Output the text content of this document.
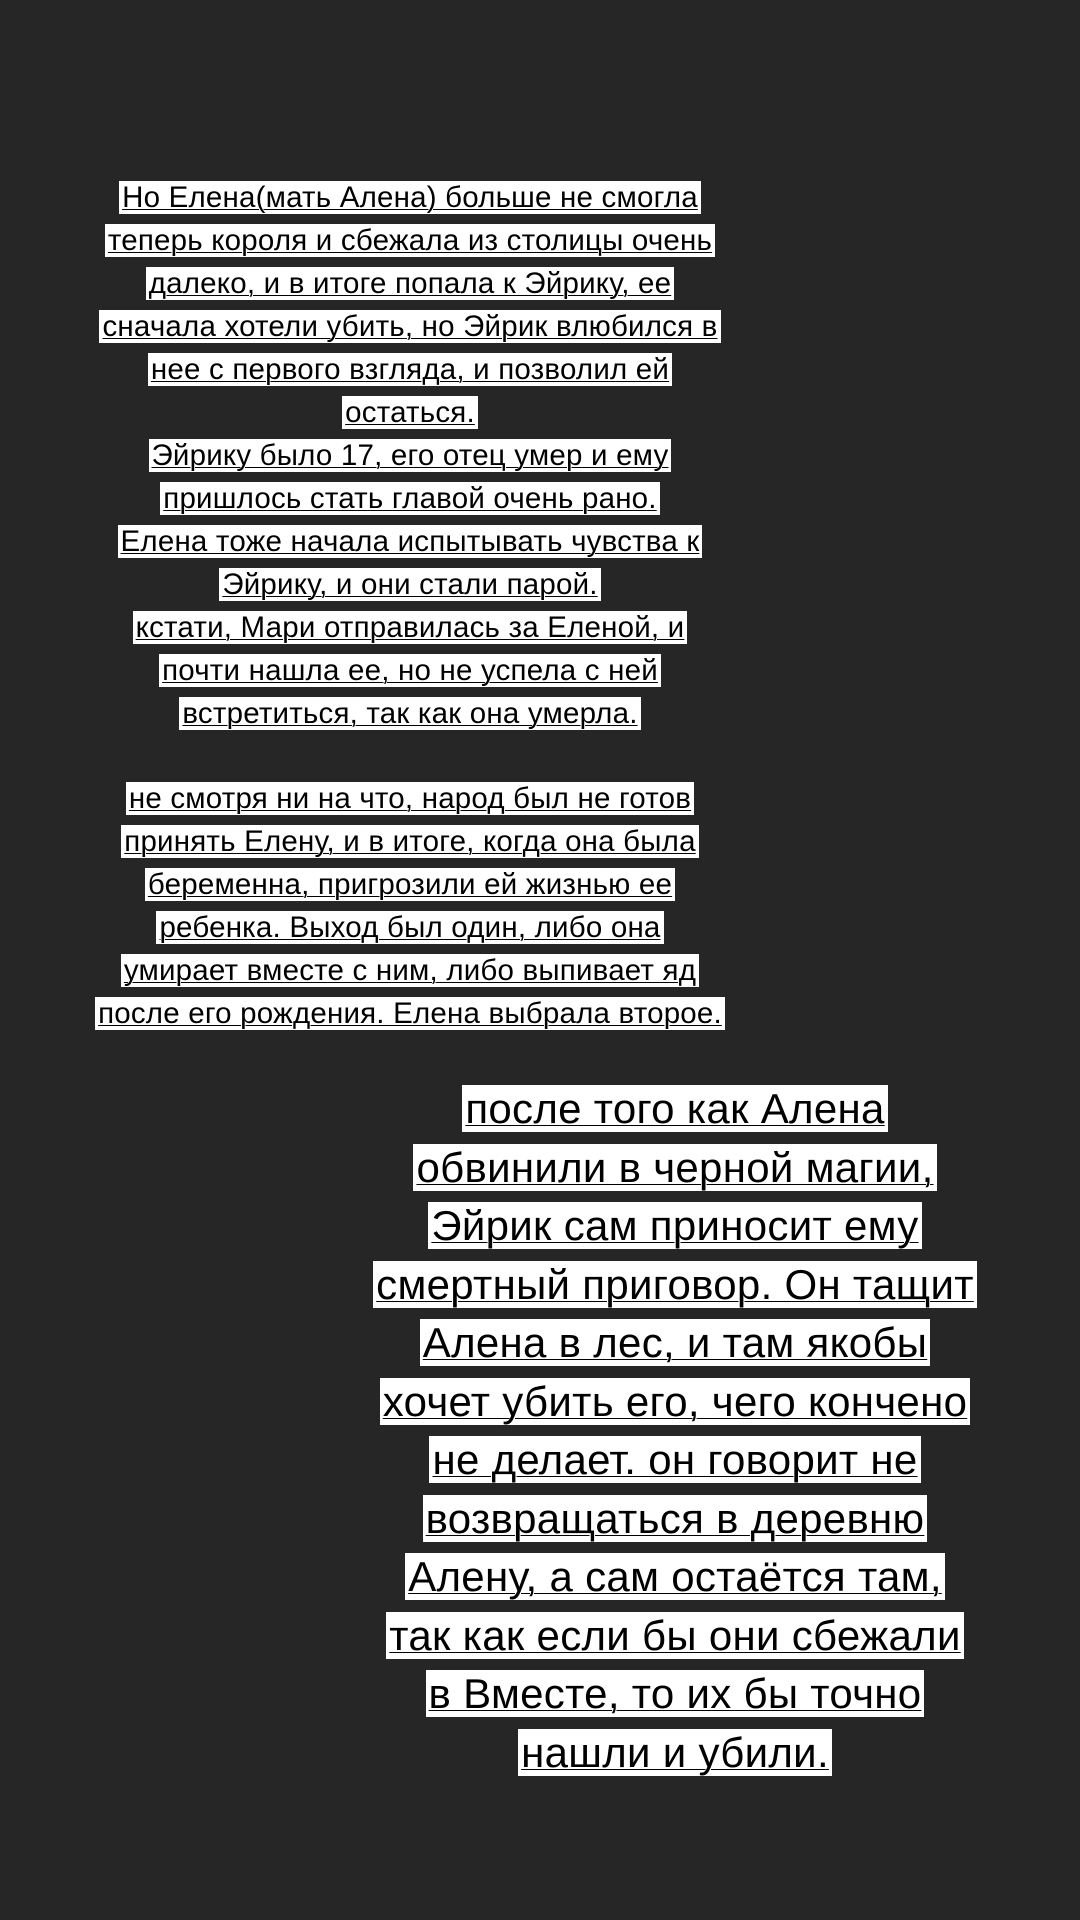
Но Елена(мать Алена) больше не смогла
теперь короля и сбежала из столицы очень
далеко, и в итоге попала к Эйрику, ее
сначала хотели убить, но Эйрик влюбился в
нее с первого взгляда, и позволил ей
остаться.
Эйрику было 17, его отец умер и ему
пришлось стать главой очень рано.
Елена тоже начала испытывать чувства к
Эйрику, и они стали парой.
кстати, Мари отправилась за Еленой, и
почти нашла ее, но не успела с ней
встретиться, так как она умерла.
не смотря ни на что, народ был не готов
принять Елену, и в итоге, когда она была
беременна, пригрозили ей жизнью ее
ребенка. Выход был один, либо она
умирает вместе с ним, либо выпивает яд
после его рождения. Елена выбрала второе.
после того как Алена
обвинили в черной магии,
Эйрик сам приносит ему
смертный приговор. Он тащит
Алена в лес, и там якобы
хочет убить его, чего кончено
не делает. он говорит не
возвращаться в деревню
Алену, а сам остаётся там,
так как если бы они сбежали
в Вместе, то их бы точно
нашли и убили.
